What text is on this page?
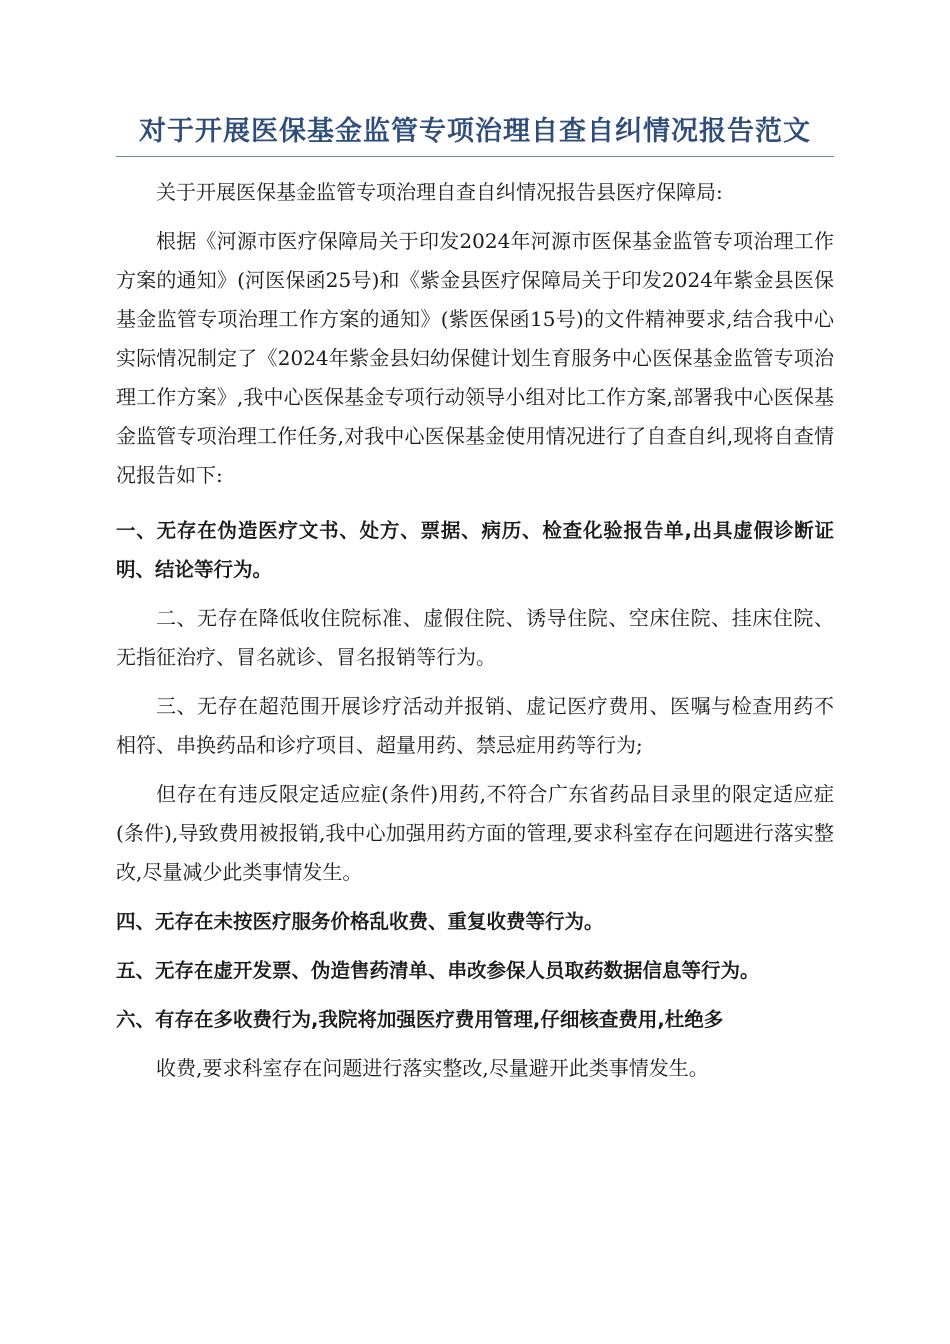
对于开展医保基金监管专项治理自查自纠情况报告范文

关于开展医保基金监管专项治理自查自纠情况报告县医疗保障局:

根据《河源市医疗保障局关于印发2024年河源市医保基金监管专项治理工作方案的通知》(河医保函25号)和《紫金县医疗保障局关于印发2024年紫金县医保基金监管专项治理工作方案的通知》(紫医保函15号)的文件精神要求,结合我中心实际情况制定了《2024年紫金县妇幼保健计划生育服务中心医保基金监管专项治理工作方案》,我中心医保基金专项行动领导小组对比工作方案,部署我中心医保基金监管专项治理工作任务,对我中心医保基金使用情况进行了自查自纠,现将自查情况报告如下:

一、无存在伪造医疗文书、处方、票据、病历、检查化验报告单,出具虚假诊断证明、结论等行为。

二、无存在降低收住院标准、虚假住院、诱导住院、空床住院、挂床住院、无指征治疗、冒名就诊、冒名报销等行为。

三、无存在超范围开展诊疗活动并报销、虚记医疗费用、医嘱与检查用药不相符、串换药品和诊疗项目、超量用药、禁忌症用药等行为;

但存在有违反限定适应症(条件)用药,不符合广东省药品目录里的限定适应症(条件),导致费用被报销,我中心加强用药方面的管理,要求科室存在问题进行落实整改,尽量减少此类事情发生。

四、无存在未按医疗服务价格乱收费、重复收费等行为。

五、无存在虚开发票、伪造售药清单、串改参保人员取药数据信息等行为。

六、有存在多收费行为,我院将加强医疗费用管理,仔细核查费用,杜绝多

收费,要求科室存在问题进行落实整改,尽量避开此类事情发生。
